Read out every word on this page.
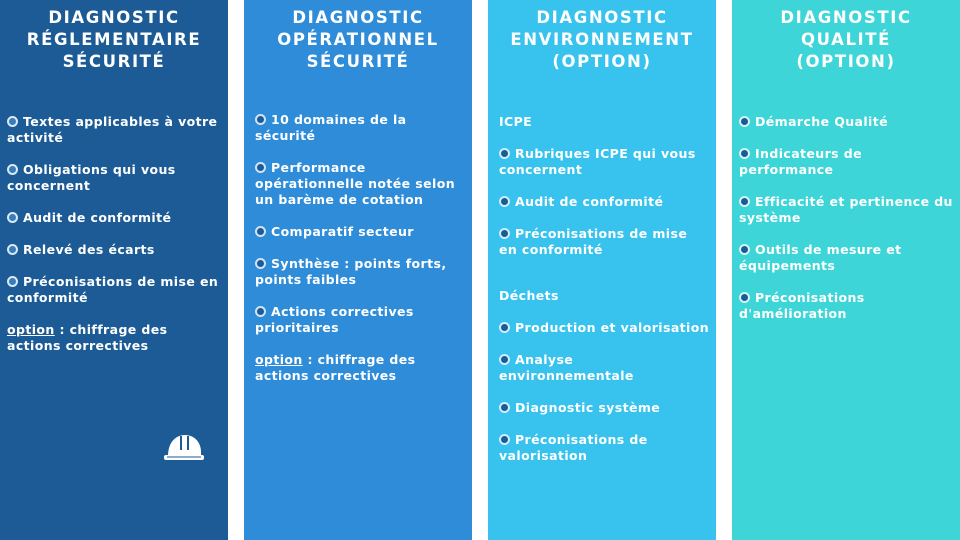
DIAGNOSTIC
RÉGLEMENTAIRE
SÉCURITÉ
Textes applicables à votre activité
Obligations qui vous concernent
Audit de conformité
Relevé des écarts
Préconisations de mise en conformité
option : chiffrage des actions correctives
DIAGNOSTIC
OPÉRATIONNEL
SÉCURITÉ
10 domaines de la sécurité
Performance opérationnelle notée selon un barème de cotation
Comparatif secteur
Synthèse : points forts, points faibles
Actions correctives prioritaires
option : chiffrage des actions correctives
DIAGNOSTIC
ENVIRONNEMENT
(OPTION)
ICPE
Rubriques ICPE qui vous concernent
Audit de conformité
Préconisations de mise en conformité
Déchets
Production et valorisation
Analyse environnementale
Diagnostic système
Préconisations de valorisation
DIAGNOSTIC
QUALITÉ
(OPTION)
Démarche Qualité
Indicateurs de performance
Efficacité et pertinence du système
Outils de mesure et équipements
Préconisations d'amélioration
